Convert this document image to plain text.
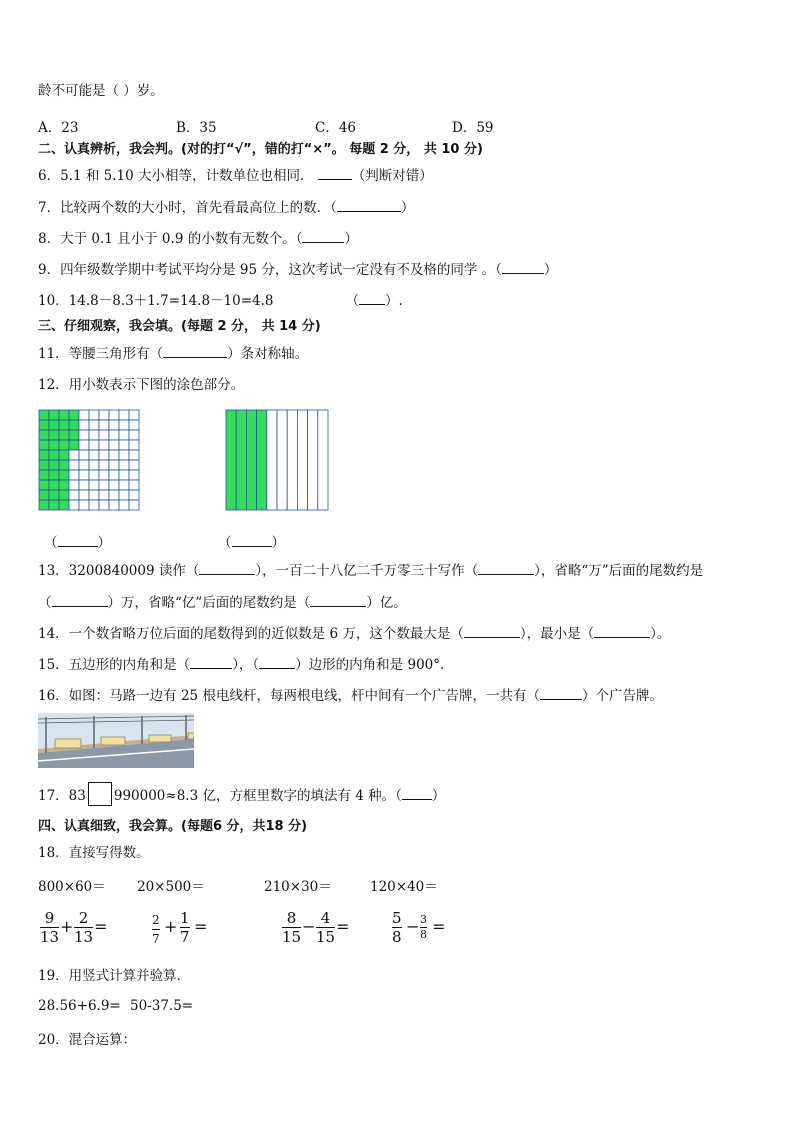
龄不可能是（ ）岁。
A．23	B．35	C．46	D．59
二、认真辨析，我会判。(对的打“√”，错的打“×”。 每题 2 分， 共 10 分)
6．5.1 和 5.10 大小相等，计数单位也相同．	（判断对错）
7．比较两个数的大小时，首先看最高位上的数．（	）
8．大于 0.1 且小于 0.9 的小数有无数个。（	）
9．四年级数学期中考试平均分是 95 分，这次考试一定没有不及格的同学 。（	）
10．14.8－8.3＋1.7=14.8－10=4.8	（ ）.
三、仔细观察，我会填。(每题 2 分， 共 14 分)
11．等腰三角形有（	）条对称轴。
12．用小数表示下图的涂色部分。
（	）	（	）
13．3200840009 读作（	），一百二十八亿二千万零三十写作（	），省略“万”后面的尾数约是
（	）万，省略“亿”后面的尾数约是（	）亿。
14．一个数省略万位后面的尾数得到的近似数是 6 万，这个数最大是（	），最小是（	）。
15．五边形的内角和是（	），（	）边形的内角和是 900°.
16．如图：马路一边有 25 根电线杆，每两根电线，杆中间有一个广告牌，一共有（	）个广告牌。
17．83 990000≈8.3 亿，方框里数字的填法有 4 种。（ ）
四、认真细致，我会算。(每题6 分，共18 分)
18．直接写得数。
800×60＝ 20×500＝	210×30＝	120×40＝
9
13
+ 2
13
=	2
7
+ 1
7
=	8
15
− 4
15
=	5
8
− 3
8 =
19．用竖式计算并验算．
28.56+6.9= 50-37.5=
20．混合运算：
